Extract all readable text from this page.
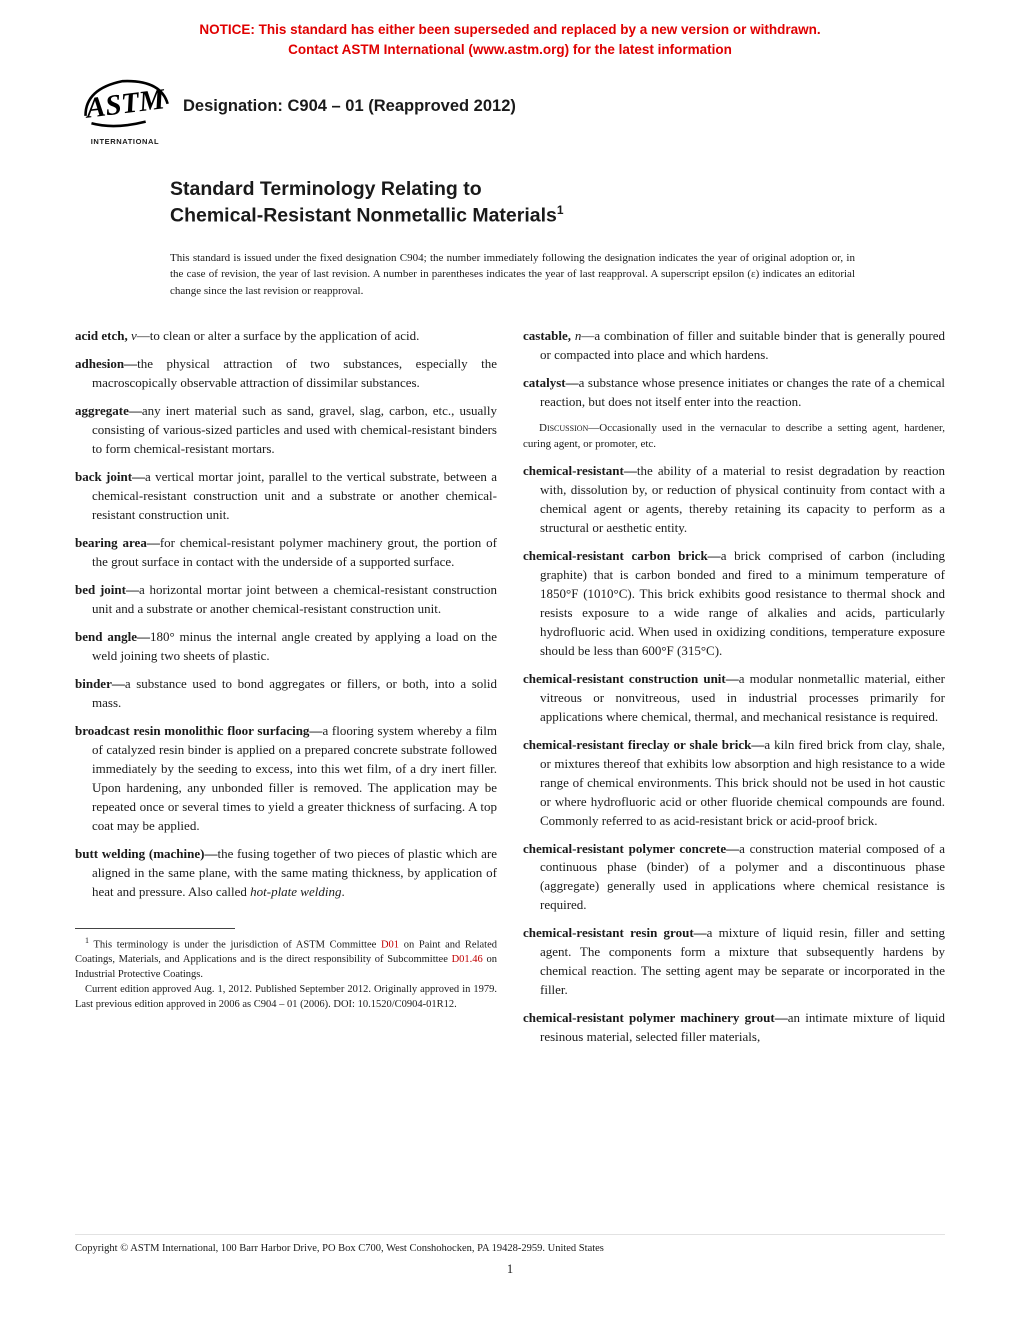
NOTICE: This standard has either been superseded and replaced by a new version or withdrawn.
Contact ASTM International (www.astm.org) for the latest information
ASTM
INTERNATIONAL
Designation: C904 – 01 (Reapproved 2012)
Standard Terminology Relating to
Chemical-Resistant Nonmetallic Materials$^1$

This standard is issued under the fixed designation C904; the number immediately following the designation indicates the year of original adoption or, in the case of revision, the year of last revision. A number in parentheses indicates the year of last reapproval. A superscript epsilon (ε) indicates an editorial change since the last revision or reapproval.

acid etch, v—to clean or alter a surface by the application of acid.

adhesion—the physical attraction of two substances, especially the macroscopically observable attraction of dissimilar substances.

aggregate—any inert material such as sand, gravel, slag, carbon, etc., usually consisting of various-sized particles and used with chemical-resistant binders to form chemical-resistant mortars.

back joint—a vertical mortar joint, parallel to the vertical substrate, between a chemical-resistant construction unit and a substrate or another chemical-resistant construction unit.

bearing area—for chemical-resistant polymer machinery grout, the portion of the grout surface in contact with the underside of a supported surface.

bed joint—a horizontal mortar joint between a chemical-resistant construction unit and a substrate or another chemical-resistant construction unit.

bend angle—180° minus the internal angle created by applying a load on the weld joining two sheets of plastic.

binder—a substance used to bond aggregates or fillers, or both, into a solid mass.

broadcast resin monolithic floor surfacing—a flooring system whereby a film of catalyzed resin binder is applied on a prepared concrete substrate followed immediately by the seeding to excess, into this wet film, of a dry inert filler. Upon hardening, any unbonded filler is removed. The application may be repeated once or several times to yield a greater thickness of surfacing. A top coat may be applied.

butt welding (machine)—the fusing together of two pieces of plastic which are aligned in the same plane, with the same mating thickness, by application of heat and pressure. Also called hot-plate welding.

$^1$ This terminology is under the jurisdiction of ASTM Committee D01 on Paint and Related Coatings, Materials, and Applications and is the direct responsibility of Subcommittee D01.46 on Industrial Protective Coatings.

Current edition approved Aug. 1, 2012. Published September 2012. Originally approved in 1979. Last previous edition approved in 2006 as C904 – 01 (2006). DOI: 10.1520/C0904-01R12.

castable, n—a combination of filler and suitable binder that is generally poured or compacted into place and which hardens.

catalyst—a substance whose presence initiates or changes the rate of a chemical reaction, but does not itself enter into the reaction.

Discussion—Occasionally used in the vernacular to describe a setting agent, hardener, curing agent, or promoter, etc.

chemical-resistant—the ability of a material to resist degradation by reaction with, dissolution by, or reduction of physical continuity from contact with a chemical agent or agents, thereby retaining its capacity to perform as a structural or aesthetic entity.

chemical-resistant carbon brick—a brick comprised of carbon (including graphite) that is carbon bonded and fired to a minimum temperature of 1850°F (1010°C). This brick exhibits good resistance to thermal shock and resists exposure to a wide range of alkalies and acids, particularly hydrofluoric acid. When used in oxidizing conditions, temperature exposure should be less than 600°F (315°C).

chemical-resistant construction unit—a modular nonmetallic material, either vitreous or nonvitreous, used in industrial processes primarily for applications where chemical, thermal, and mechanical resistance is required.

chemical-resistant fireclay or shale brick—a kiln fired brick from clay, shale, or mixtures thereof that exhibits low absorption and high resistance to a wide range of chemical environments. This brick should not be used in hot caustic or where hydrofluoric acid or other fluoride chemical compounds are found. Commonly referred to as acid-resistant brick or acid-proof brick.

chemical-resistant polymer concrete—a construction material composed of a continuous phase (binder) of a polymer and a discontinuous phase (aggregate) generally used in applications where chemical resistance is required.

chemical-resistant resin grout—a mixture of liquid resin, filler and setting agent. The components form a mixture that subsequently hardens by chemical reaction. The setting agent may be separate or incorporated in the filler.

chemical-resistant polymer machinery grout—an intimate mixture of liquid resinous material, selected filler materials,

Copyright © ASTM International, 100 Barr Harbor Drive, PO Box C700, West Conshohocken, PA 19428-2959. United States
1
